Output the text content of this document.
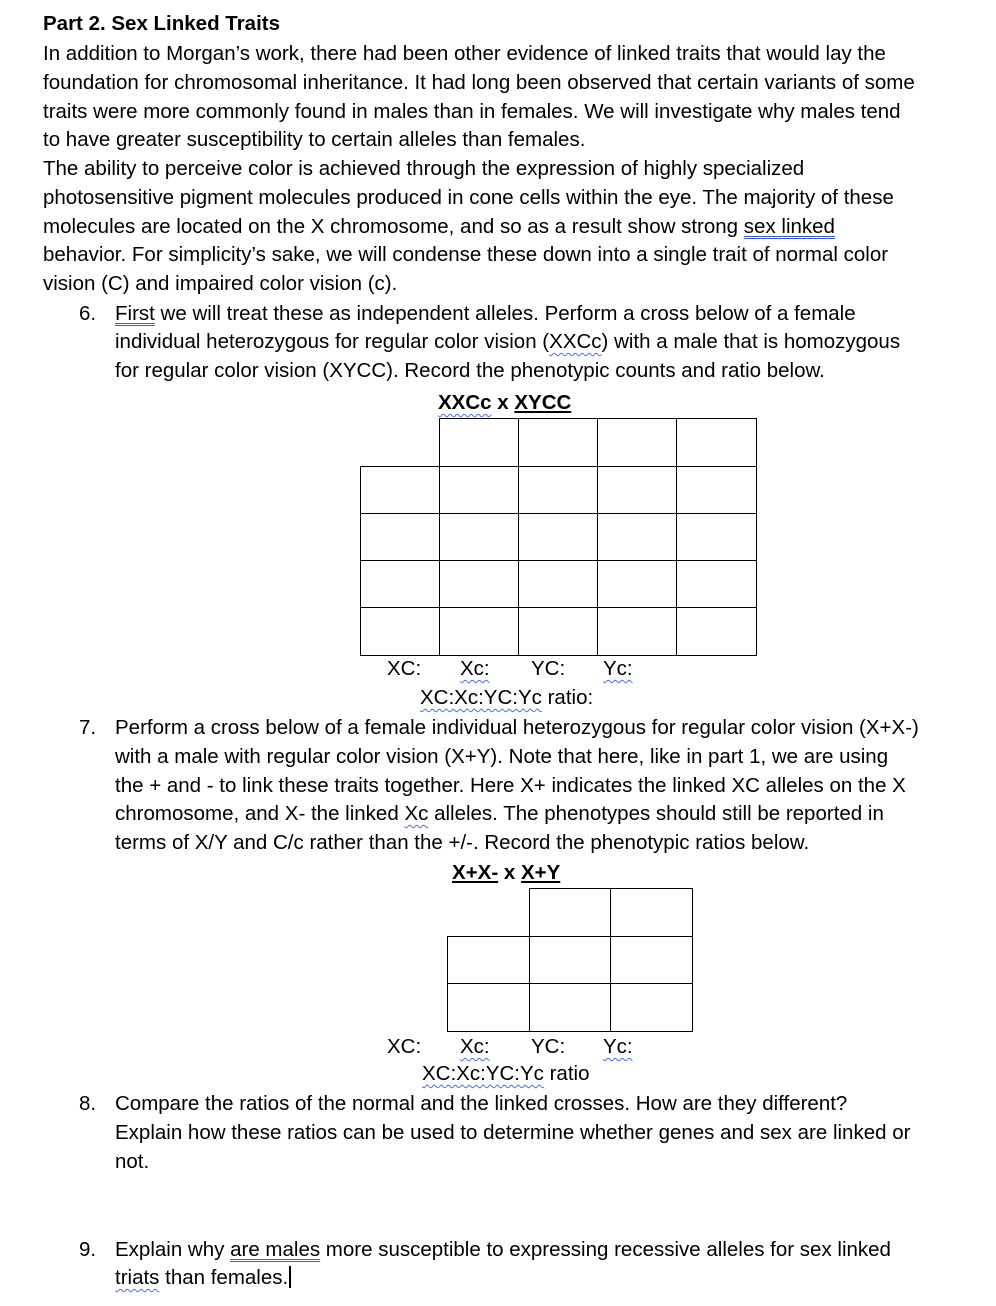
Part 2. Sex Linked Traits
In addition to Morgan’s work, there had been other evidence of linked traits that would lay the
foundation for chromosomal inheritance. It had long been observed that certain variants of some
traits were more commonly found in males than in females. We will investigate why males tend
to have greater susceptibility to certain alleles than females.
The ability to perceive color is achieved through the expression of highly specialized
photosensitive pigment molecules produced in cone cells within the eye. The majority of these
molecules are located on the X chromosome, and so as a result show strong sex linked
behavior. For simplicity’s sake, we will condense these down into a single trait of normal color
vision (C) and impaired color vision (c).
6. First we will treat these as independent alleles. Perform a cross below of a female
individual heterozygous for regular color vision (XXCc) with a male that is homozygous
for regular color vision (XYCC). Record the phenotypic counts and ratio below.
XXCc x XYCC
XC: Xc: YC: Yc:
XC:Xc:YC:Yc ratio:
7. Perform a cross below of a female individual heterozygous for regular color vision (X+X-)
with a male with regular color vision (X+Y). Note that here, like in part 1, we are using
the + and - to link these traits together. Here X+ indicates the linked XC alleles on the X
chromosome, and X- the linked Xc alleles. The phenotypes should still be reported in
terms of X/Y and C/c rather than the +/-. Record the phenotypic ratios below.
X+X- x X+Y
XC: Xc: YC: Yc:
XC:Xc:YC:Yc ratio
8. Compare the ratios of the normal and the linked crosses. How are they different?
Explain how these ratios can be used to determine whether genes and sex are linked or
not.
9. Explain why are males more susceptible to expressing recessive alleles for sex linked
triats than females.
